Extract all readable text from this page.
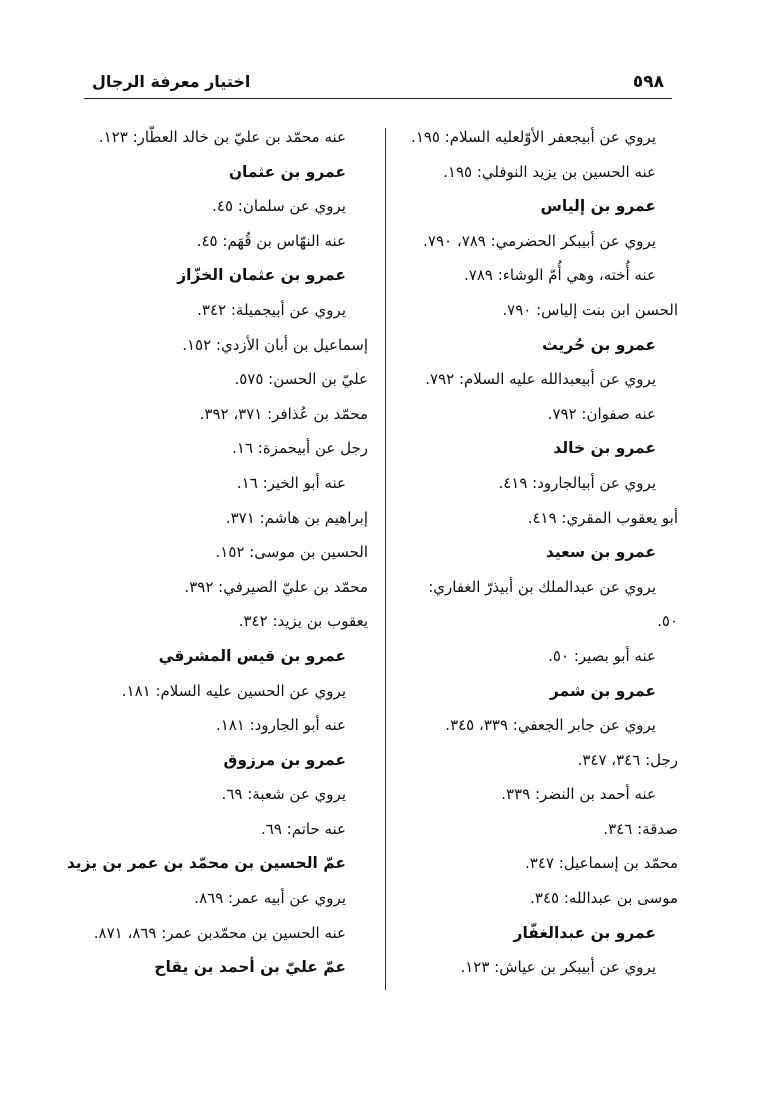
٥٩٨
اختيار معرفة الرجال
يروي عن أبيجعفر الأوّلعليه السلام: ١٩٥.
عنه الحسين بن يزيد النوفلي: ١٩٥.
عمرو بن إلياس
يروي عن أبيبكر الحضرمي: ٧٨٩، ٧٩٠.
عنه أُخته، وهي أُمّ الوشاء: ٧٨٩.
الحسن ابن بنت إلياس: ٧٩٠.
عمرو بن حُريث
يروي عن أبيعبدالله عليه السلام: ٧٩٢.
عنه صفوان: ٧٩٢.
عمرو بن خالد
يروي عن أبيالجارود: ٤١٩.
أبو يعقوب المقري: ٤١٩.
عمرو بن سعيد
يروي عن عبدالملك بن أبيذرّ الغفاري:
٥٠.
عنه أبو بصير: ٥٠.
عمرو بن شمر
يروي عن جابر الجعفي: ٣٣٩، ٣٤٥.
رجل: ٣٤٦، ٣٤٧.
عنه أحمد بن النضر: ٣٣٩.
صدقة: ٣٤٦.
محمّد بن إسماعيل: ٣٤٧.
موسى بن عبدالله: ٣٤٥.
عمرو بن عبدالغفّار
يروي عن أبيبكر بن عياش: ١٢٣.
عنه محمّد بن عليّ بن خالد العطّار: ١٢٣.
عمرو بن عثمان
يروي عن سلمان: ٤٥.
عنه النهّاس بن قُهَم: ٤٥.
عمرو بن عثمان الخزّاز
يروي عن أبيجميلة: ٣٤٢.
إسماعيل بن أبان الأزدي: ١٥٢.
عليّ بن الحسن: ٥٧٥.
محمّد بن عُذافر: ٣٧١، ٣٩٢.
رجل عن أبيحمزة: ١٦.
عنه أبو الخير: ١٦.
إبراهيم بن هاشم: ٣٧١.
الحسين بن موسى: ١٥٢.
محمّد بن عليّ الصيرفي: ٣٩٢.
يعقوب بن يزيد: ٣٤٢.
عمرو بن قيس المشرقي
يروي عن الحسين عليه السلام: ١٨١.
عنه أبو الجارود: ١٨١.
عمرو بن مرزوق
يروي عن شعبة: ٦٩.
عنه حاتم: ٦٩.
عمّ الحسين بن محمّد بن عمر بن يزيد
يروي عن أبيه عمر: ٨٦٩.
عنه الحسين بن محمّدبن عمر: ٨٦٩، ٨٧١.
عمّ عليّ بن أحمد بن يقاح
